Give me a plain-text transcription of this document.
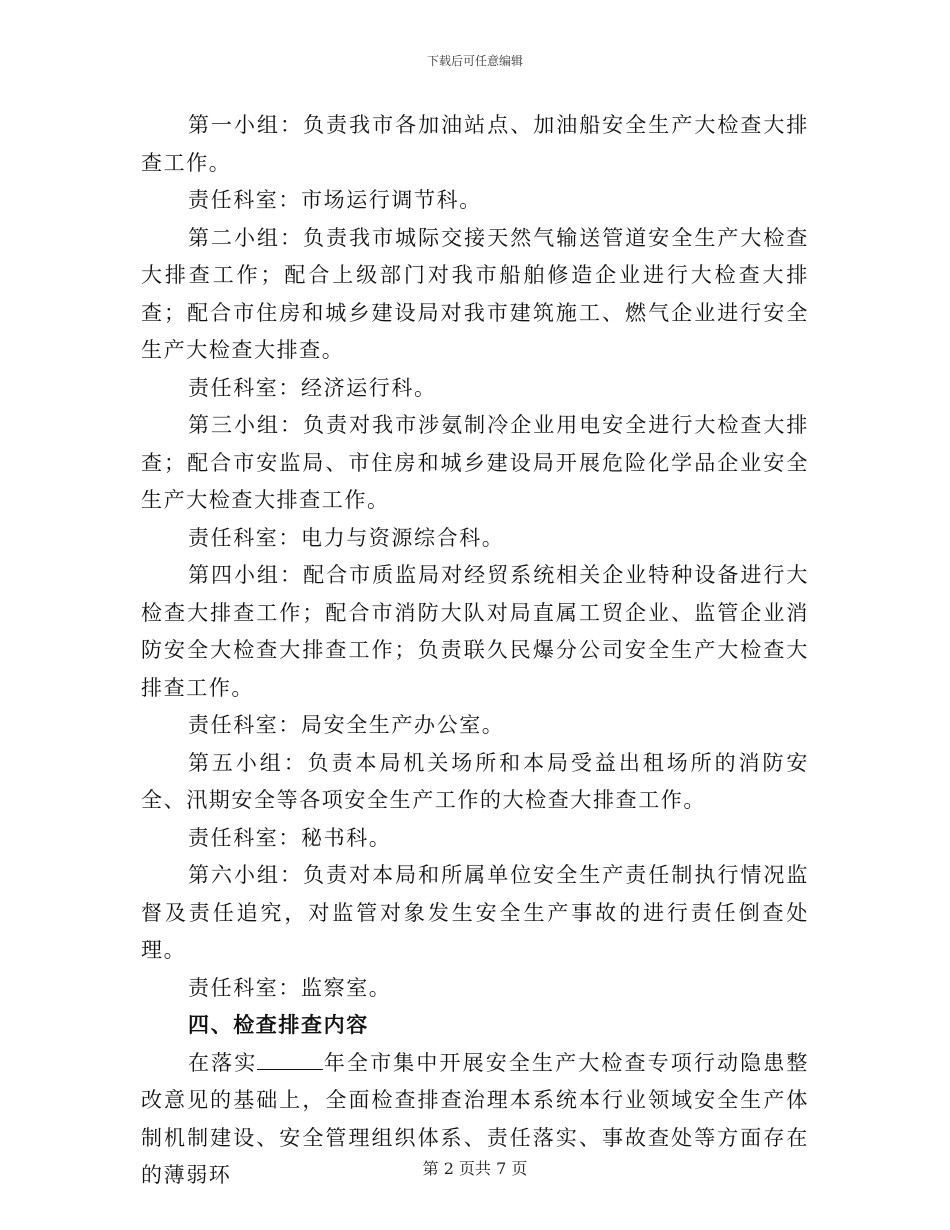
下载后可任意编辑

第一小组：负责我市各加油站点、加油船安全生产大检查大排查工作。

责任科室：市场运行调节科。

第二小组：负责我市城际交接天然气输送管道安全生产大检查大排查工作；配合上级部门对我市船舶修造企业进行大检查大排查；配合市住房和城乡建设局对我市建筑施工、燃气企业进行安全生产大检查大排查。

责任科室：经济运行科。

第三小组：负责对我市涉氨制冷企业用电安全进行大检查大排查；配合市安监局、市住房和城乡建设局开展危险化学品企业安全生产大检查大排查工作。

责任科室：电力与资源综合科。

第四小组：配合市质监局对经贸系统相关企业特种设备进行大检查大排查工作；配合市消防大队对局直属工贸企业、监管企业消防安全大检查大排查工作；负责联久民爆分公司安全生产大检查大排查工作。

责任科室：局安全生产办公室。

第五小组：负责本局机关场所和本局受益出租场所的消防安全、汛期安全等各项安全生产工作的大检查大排查工作。

责任科室：秘书科。

第六小组：负责对本局和所属单位安全生产责任制执行情况监督及责任追究，对监管对象发生安全生产事故的进行责任倒查处理。

责任科室：监察室。

四、检查排查内容

在落实	年全市集中开展安全生产大检查专项行动隐患整改意见的基础上，全面检查排查治理本系统本行业领域安全生产体制机制建设、安全管理组织体系、责任落实、事故查处等方面存在的薄弱环	第 2 页共 7 页
